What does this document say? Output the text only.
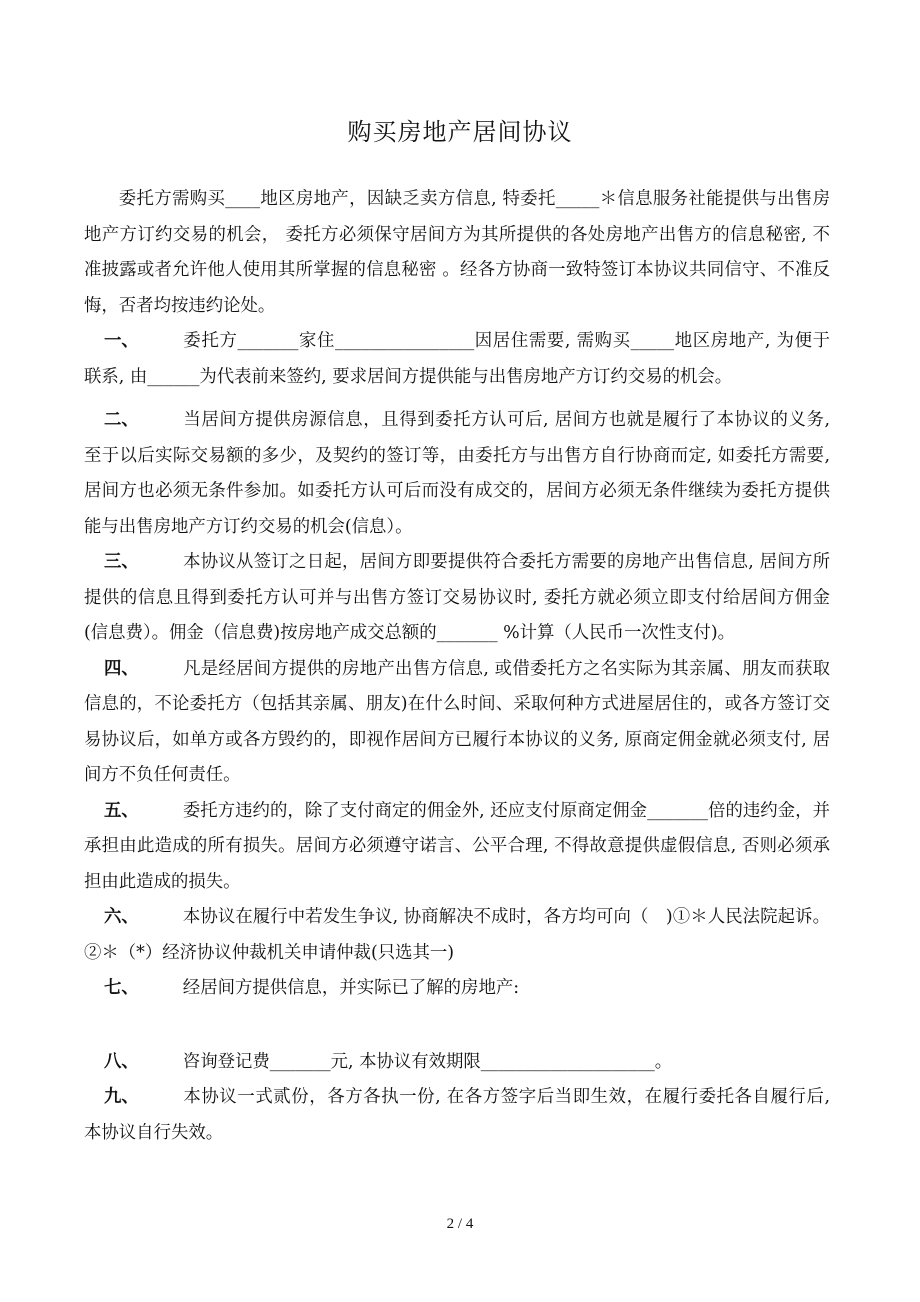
购买房地产居间协议

委托方需购买____地区房地产，因缺乏卖方信息, 特委托_____＊信息服务社能提供与出售房地产方订约交易的机会， 委托方必须保守居间方为其所提供的各处房地产出售方的信息秘密, 不准披露或者允许他人使用其所掌握的信息秘密 。经各方协商一致特签订本协议共同信守、不准反悔，否者均按违约论处。

一、	委托方_______家住________________因居住需要, 需购买_____地区房地产, 为便于联系, 由______为代表前来签约, 要求居间方提供能与出售房地产方订约交易的机会。

二、	当居间方提供房源信息，且得到委托方认可后, 居间方也就是履行了本协议的义务, 至于以后实际交易额的多少，及契约的签订等，由委托方与出售方自行协商而定, 如委托方需要, 居间方也必须无条件参加。如委托方认可后而没有成交的，居间方必须无条件继续为委托方提供能与出售房地产方订约交易的机会(信息）。

三、	本协议从签订之日起，居间方即要提供符合委托方需要的房地产出售信息, 居间方所提供的信息且得到委托方认可并与出售方签订交易协议时, 委托方就必须立即支付给居间方佣金(信息费）。佣金（信息费)按房地产成交总额的_______ %计算（人民币一次性支付)。

四、	凡是经居间方提供的房地产出售方信息, 或借委托方之名实际为其亲属、朋友而获取信息的，不论委托方（包括其亲属、朋友)在什么时间、采取何种方式进屋居住的，或各方签订交易协议后，如单方或各方毁约的，即视作居间方已履行本协议的义务, 原商定佣金就必须支付, 居间方不负任何责任。

五、	委托方违约的，除了支付商定的佣金外, 还应支付原商定佣金_______倍的违约金，并承担由此造成的所有损失。居间方必须遵守诺言、公平合理, 不得故意提供虚假信息, 否则必须承担由此造成的损失。

六、	本协议在履行中若发生争议, 协商解决不成时，各方均可向（　)①＊人民法院起诉。②＊（*）经济协议仲裁机关申请仲裁(只选其一)

七、	经居间方提供信息，并实际已了解的房地产:

八、	咨询登记费_______元, 本协议有效期限____________________。

九、	本协议一式贰份，各方各执一份, 在各方签字后当即生效，在履行委托各自履行后, 本协议自行失效。

2 / 4
